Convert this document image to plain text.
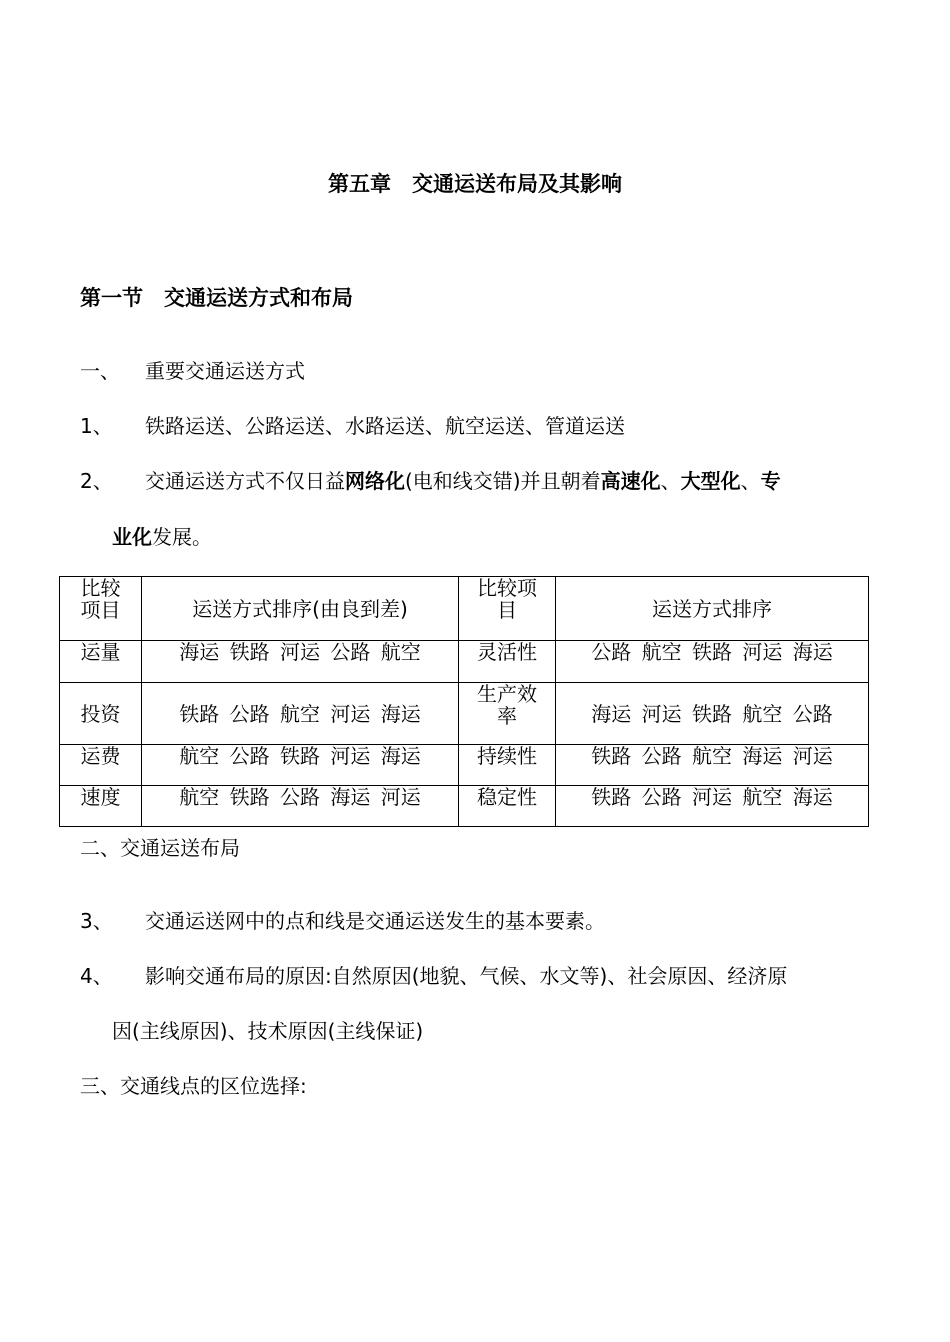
第五章　交通运送布局及其影响
第一节　交通运送方式和布局
一、 重要交通运送方式
1、 铁路运送、公路运送、水路运送、航空运送、管道运送
2、 交通运送方式不仅日益网络化(电和线交错)并且朝着高速化、大型化、专
业化发展。
比较项目	运送方式排序(由良到差)	比较项目	运送方式排序
运量	海运 铁路 河运 公路 航空	灵活性	公路 航空 铁路 河运 海运
投资	铁路 公路 航空 河运 海运	生产效率	海运 河运 铁路 航空 公路
运费	航空 公路 铁路 河运 海运	持续性	铁路 公路 航空 海运 河运
速度	航空 铁路 公路 海运 河运	稳定性	铁路 公路 河运 航空 海运
二、交通运送布局
3、 交通运送网中的点和线是交通运送发生的基本要素。
4、 影响交通布局的原因:自然原因(地貌、气候、水文等)、社会原因、经济原
因(主线原因)、技术原因(主线保证)
三、交通线点的区位选择:
